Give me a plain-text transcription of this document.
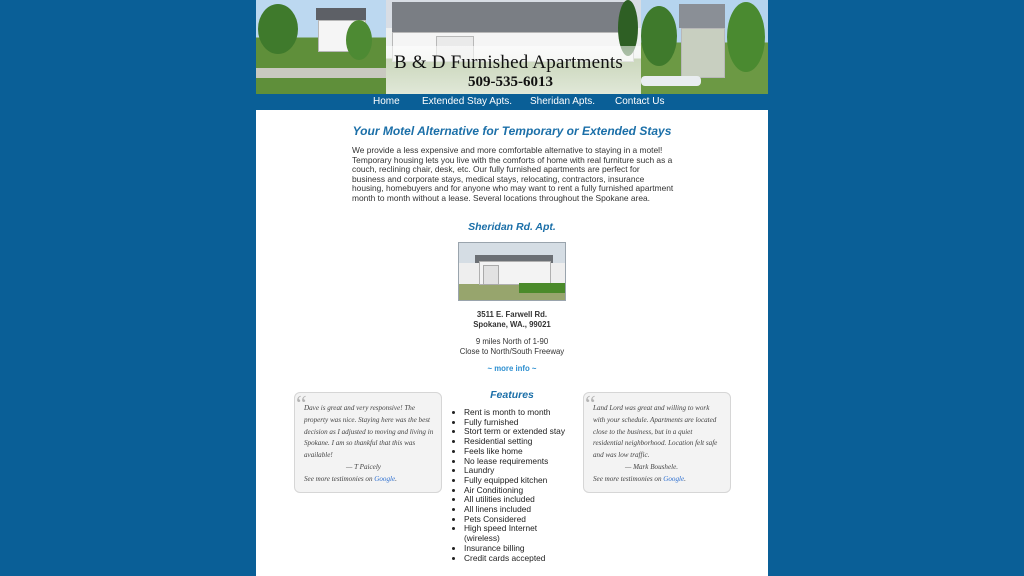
B & D Furnished Apartments
509-535-6013
Home Extended Stay Apts. Sheridan Apts. Contact Us
Your Motel Alternative for Temporary or Extended Stays
We provide a less expensive and more comfortable alternative to staying in a motel! Temporary housing lets you live with the comforts of home with real furniture such as a couch, reclining chair, desk, etc. Our fully furnished apartments are perfect for business and corporate stays, medical stays, relocating, contractors, insurance housing, homebuyers and for anyone who may want to rent a fully furnished apartment month to month without a lease. Several locations throughout the Spokane area.
Sheridan Rd. Apt.
3511 E. Farwell Rd.
Spokane, WA., 99021
9 miles North of 1-90
Close to North/South Freeway
~ more info ~
“
Dave is great and very responsive! The property was nice. Staying here was the best decision as I adjusted to moving and living in Spokane. I am so thankful that this was available!
— T Paicely
See more testimonies on Google.
Features
• Rent is month to month
• Fully furnished
• Stort term or extended stay
• Residential setting
• Feels like home
• No lease requirements
• Laundry
• Fully equipped kitchen
• Air Conditioning
• All utilities included
• All linens included
• Pets Considered
• High speed Internet (wireless)
• Insurance billing
• Credit cards accepted
“
Land Lord was great and willing to work with your schedule. Apartments are located close to the business, but in a quiet residential neighborhood. Location felt safe and was low traffic.
— Mark Boushele.
See more testimonies on Google.
